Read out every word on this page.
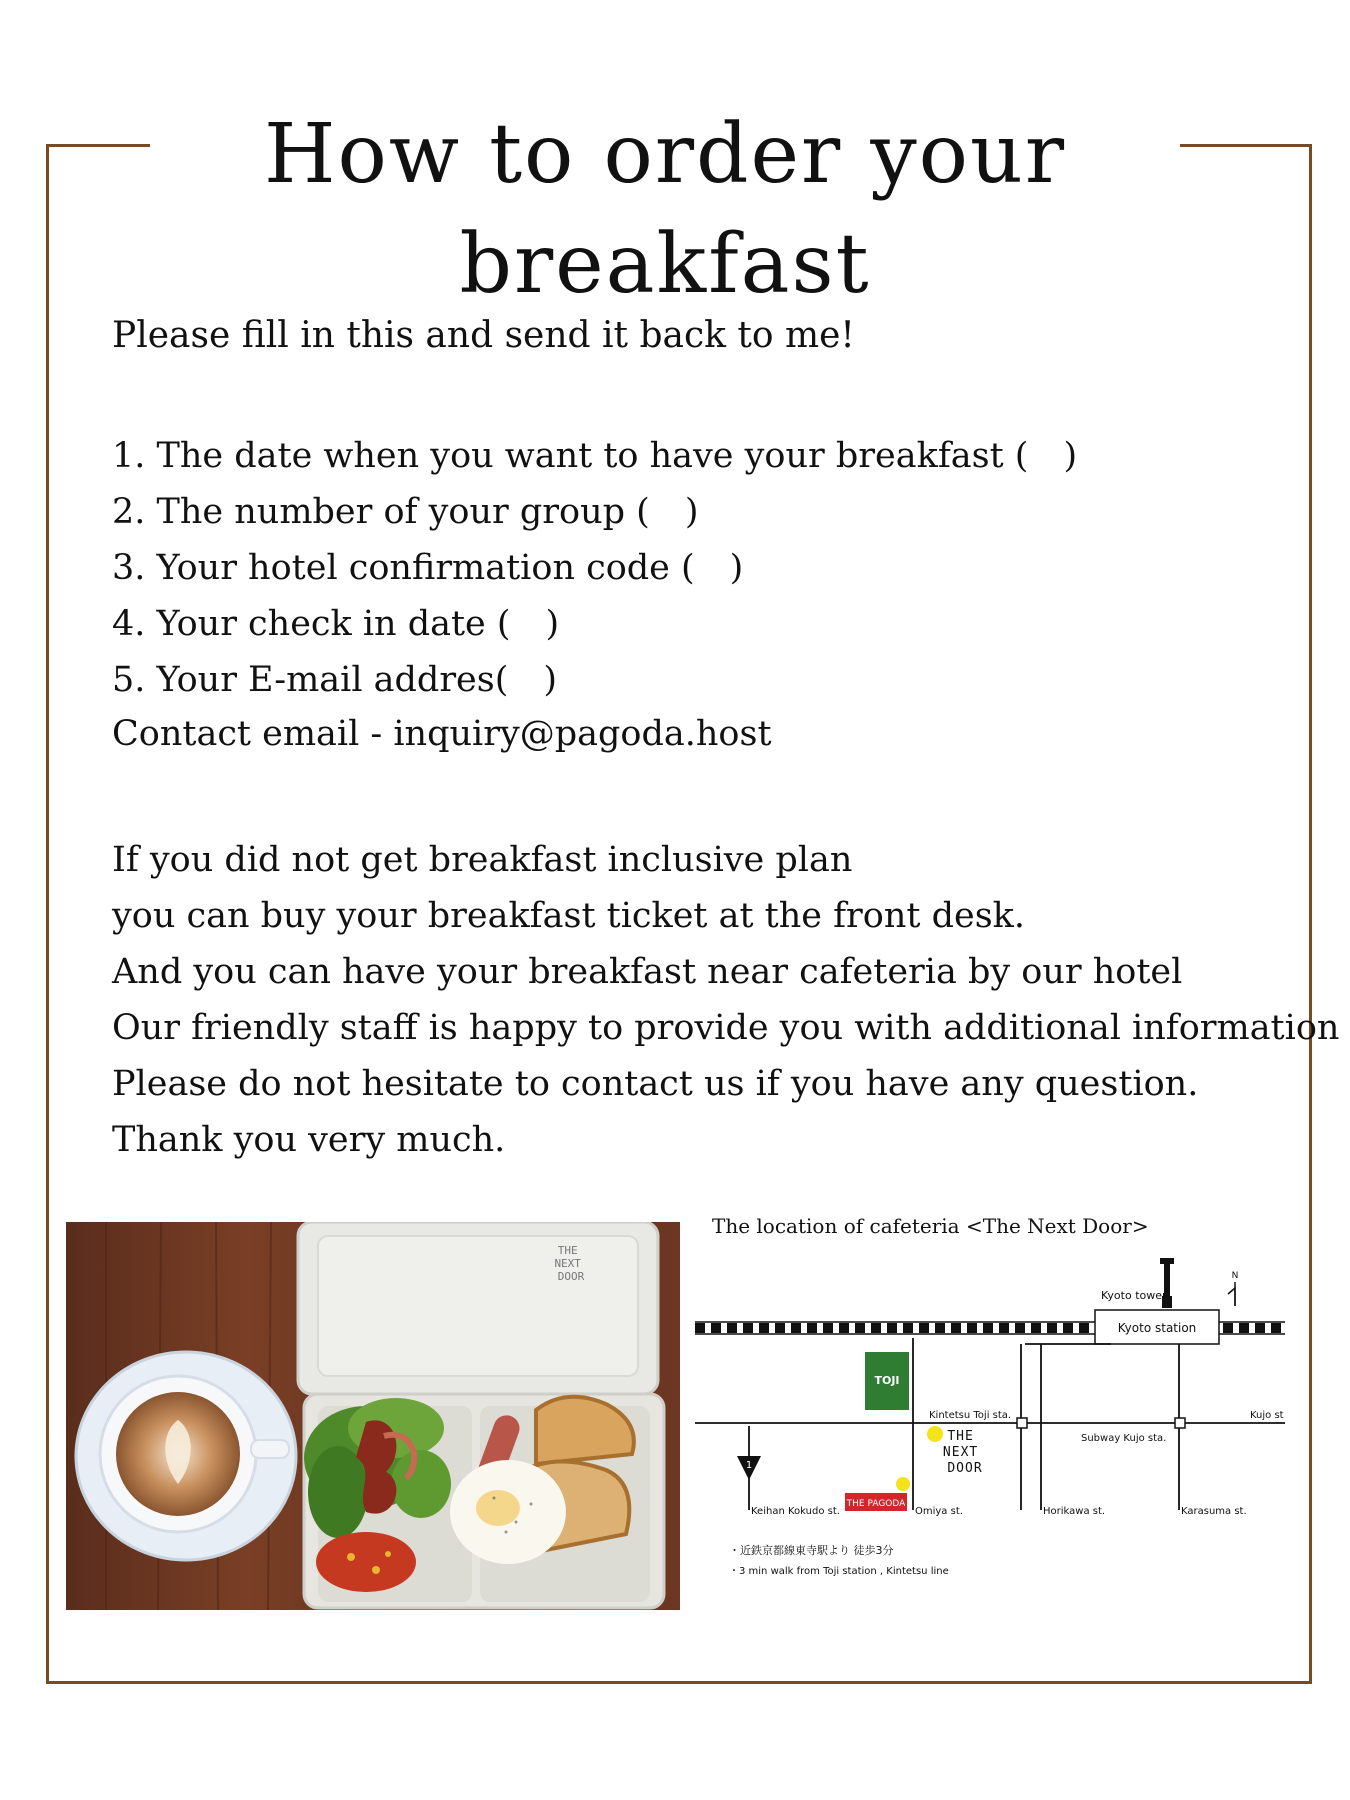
How to order your breakfast

Please fill in this and send it back to me!

1. The date when you want to have your breakfast (　)
2. The number of your group (　)
3. Your hotel confirmation code (　)
4. Your check in date (　)
5. Your E-mail addres(　)
Contact email - inquiry@pagoda.host
If you did not get breakfast inclusive plan
you can buy your breakfast ticket at the front desk.
And you can have your breakfast near cafeteria by our hotel
Our friendly staff is happy to provide you with additional information
Please do not hesitate to contact us if you have any question.
Thank you very much.
THE NEXT DOOR
The location of cafeteria <The Next Door>
Kyoto tower
Kyoto station
N
TOJI
Kintetsu Toji sta.
Subway Kujo sta.
Kujo st
THE NEXT DOOR
THE PAGODA
1
Keihan Kokudo st.	Omiya st.	Horikawa st.	Karasuma st.
・近鉄京都線東寺駅より 徒歩3分
・3 min walk from Toji station , Kintetsu line
